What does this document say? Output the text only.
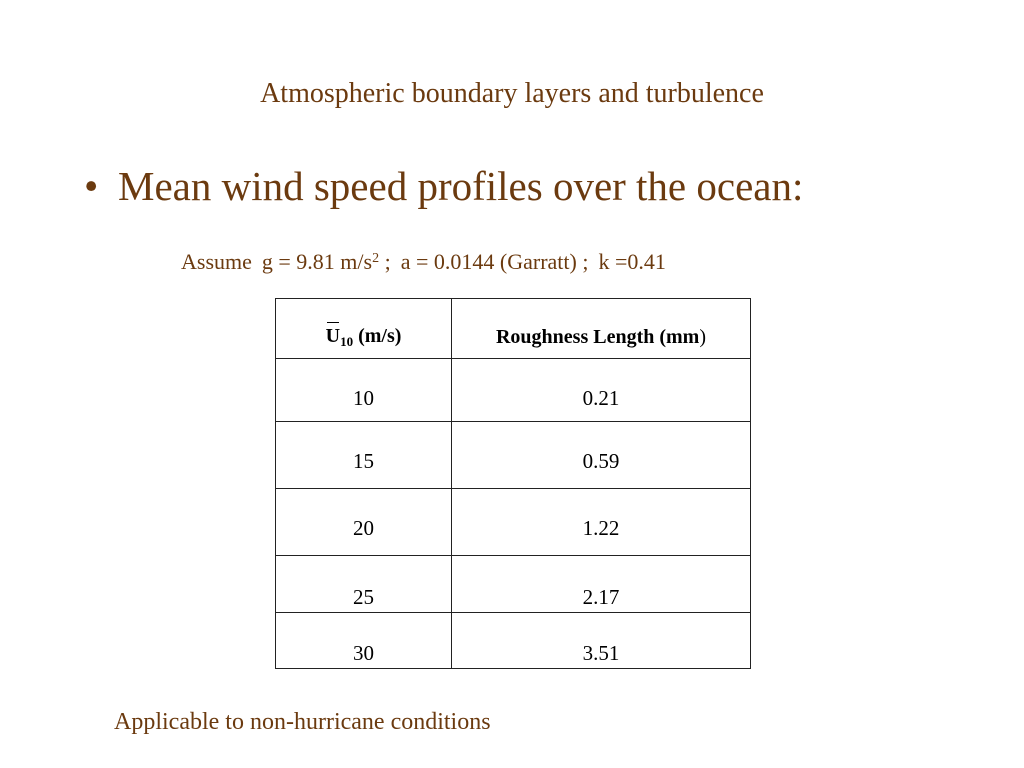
Atmospheric boundary layers and turbulence
• Mean wind speed profiles over the ocean:
Assume g = 9.81 $m/s^2$ ; a = 0.0144 (Garratt) ; k =0.41
$U_{10}$ (m/s)	Roughness Length (mm)
10	0.21
15	0.59
20	1.22
25	2.17
30	3.51
Applicable to non-hurricane conditions
